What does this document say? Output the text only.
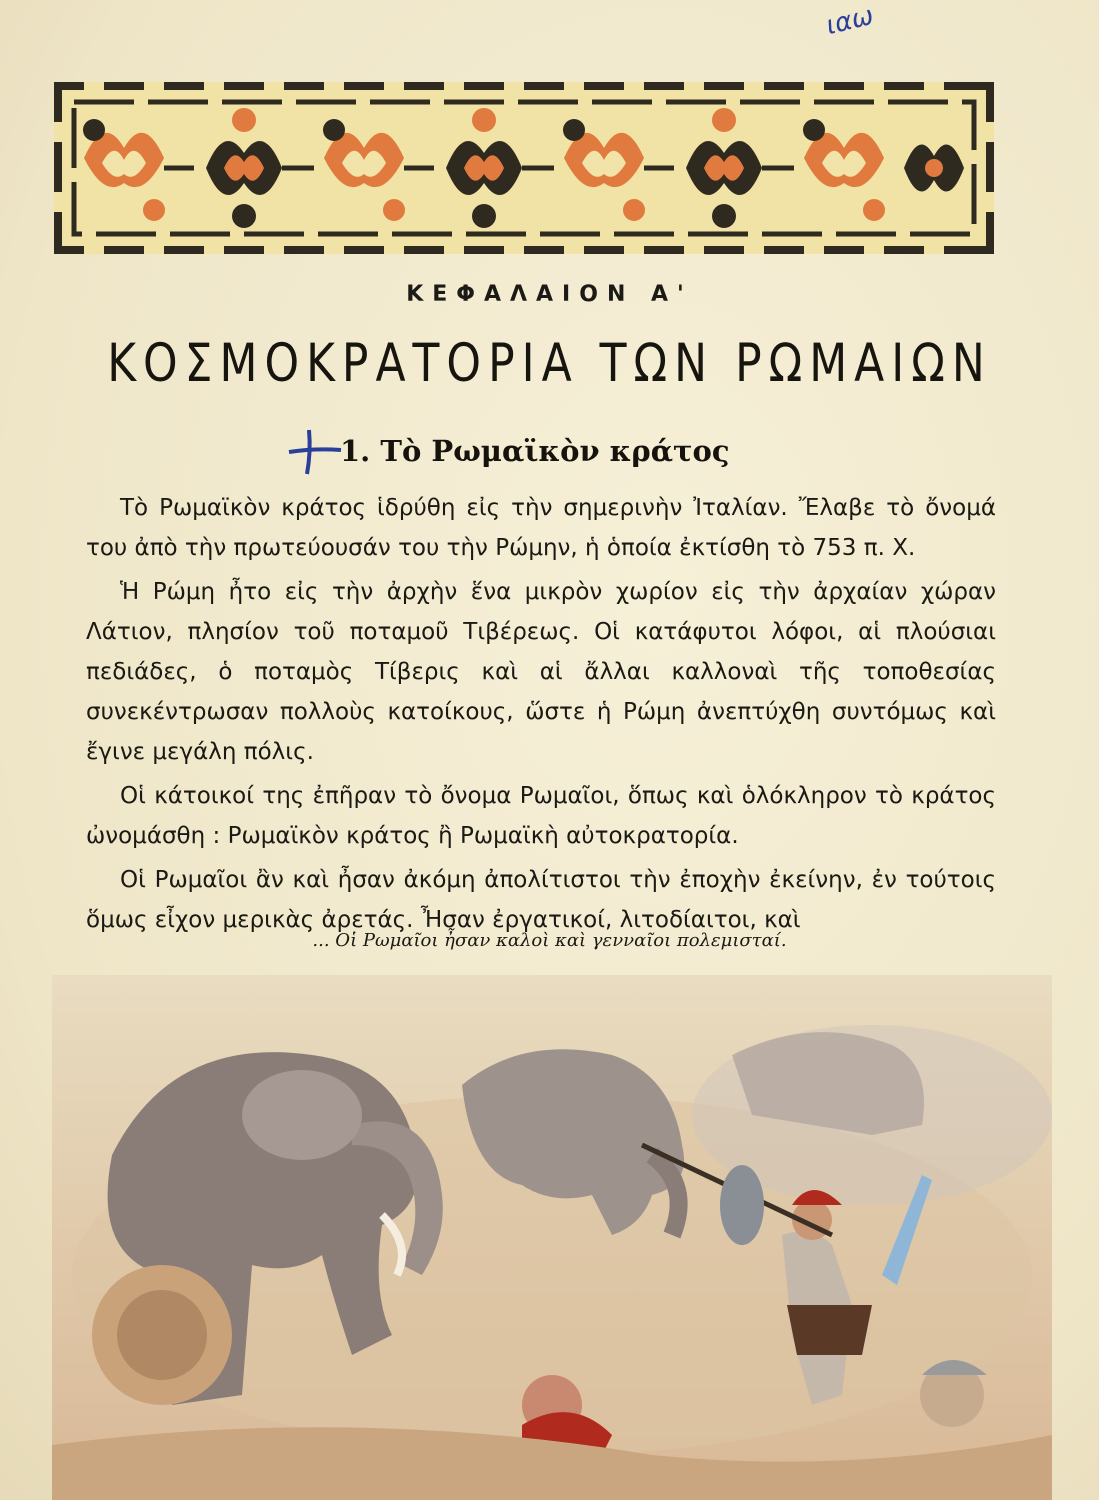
ιαω
ΚΕΦΑΛΑΙΟΝ Α'
ΚΟΣΜΟΚΡΑΤΟΡΙΑ ΤΩΝ ΡΩΜΑΙΩΝ
1. Τὸ Ρωμαϊκὸν κράτος

Τὸ Ρωμαϊκὸν κράτος ἱδρύθη εἰς τὴν σημερινὴν Ἰταλίαν. Ἔλαβε τὸ ὄνομά του ἀπὸ τὴν πρωτεύουσάν του τὴν Ρώμην, ἡ ὁποία ἐκτίσθη τὸ 753 π. Χ.

Ἡ Ρώμη ἦτο εἰς τὴν ἀρχὴν ἕνα μικρὸν χωρίον εἰς τὴν ἀρχαίαν χώραν Λάτιον, πλησίον τοῦ ποταμοῦ Τιβέρεως. Οἱ κατάφυτοι λόφοι, αἱ πλούσιαι πεδιάδες, ὁ ποταμὸς Τίβερις καὶ αἱ ἄλλαι καλλοναὶ τῆς τοποθεσίας συνεκέντρωσαν πολλοὺς κατοίκους, ὥστε ἡ Ρώμη ἀνεπτύχθη συντόμως καὶ ἔγινε μεγάλη πόλις.

Οἱ κάτοικοί της ἐπῆραν τὸ ὄνομα Ρωμαῖοι, ὅπως καὶ ὁλόκληρον τὸ κράτος ὠνομάσθη : Ρωμαϊκὸν κράτος ἢ Ρωμαϊκὴ αὐτοκρατορία.

Οἱ Ρωμαῖοι ἂν καὶ ἦσαν ἀκόμη ἀπολίτιστοι τὴν ἐποχὴν ἐκείνην, ἐν τούτοις ὅμως εἶχον μερικὰς ἀρετάς. Ἦσαν ἐργατικοί, λιτοδίαιτοι, καὶ

... Οἱ Ρωμαῖοι ἦσαν καλοὶ καὶ γενναῖοι πολεμισταί.
